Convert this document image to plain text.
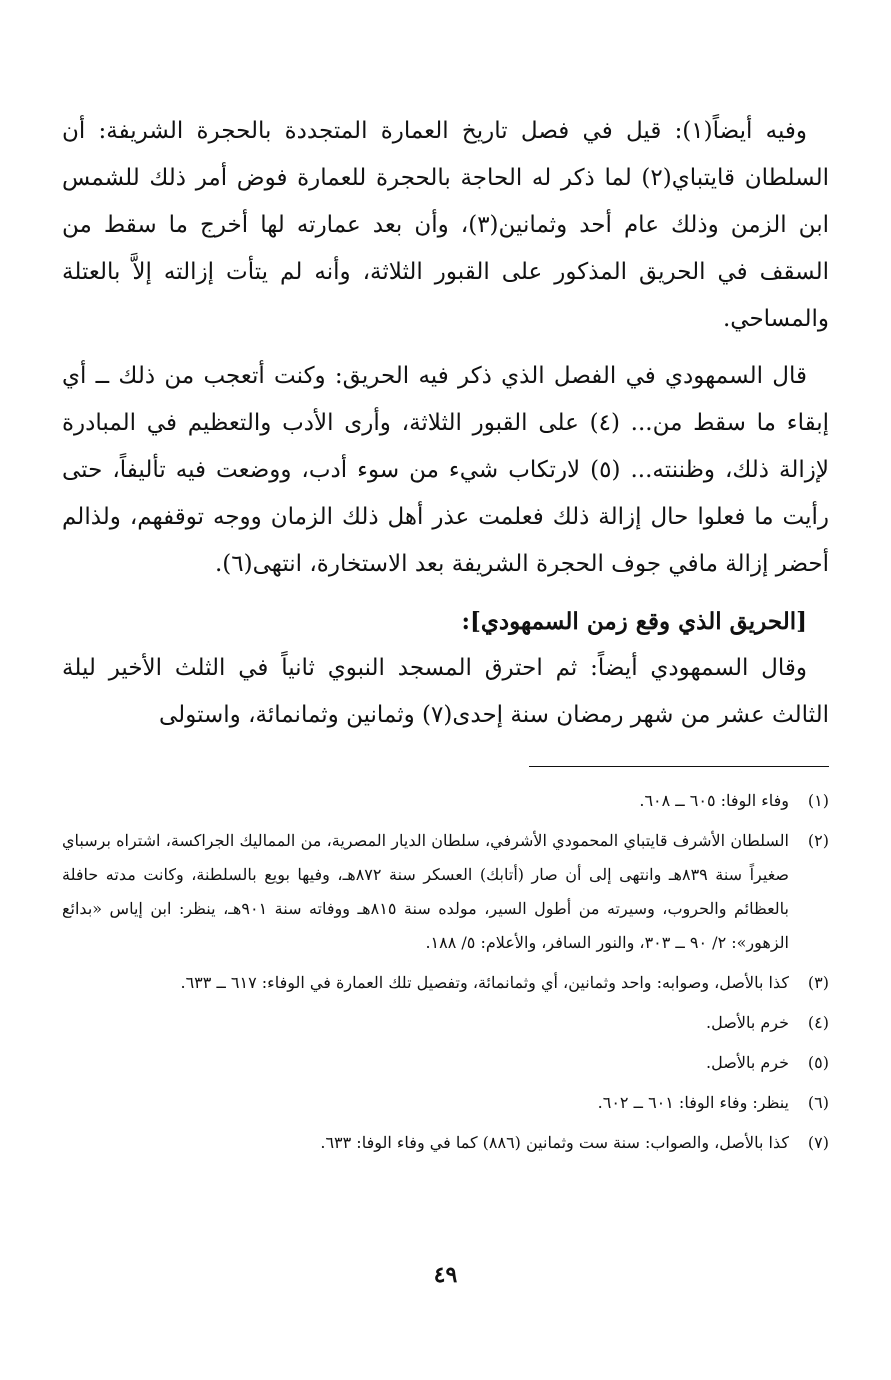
وفيه أيضاً(١): قيل في فصل تاريخ العمارة المتجددة بالحجرة الشريفة: أن السلطان قايتباي(٢) لما ذكر له الحاجة بالحجرة للعمارة فوض أمر ذلك للشمس ابن الزمن وذلك عام أحد وثمانين(٣)، وأن بعد عمارته لها أخرج ما سقط من السقف في الحريق المذكور على القبور الثلاثة، وأنه لم يتأت إزالته إلاَّ بالعتلة والمساحي.

قال السمهودي في الفصل الذي ذكر فيه الحريق: وكنت أتعجب من ذلك ــ أي إبقاء ما سقط من... (٤) على القبور الثلاثة، وأرى الأدب والتعظيم في المبادرة لإزالة ذلك، وظننته... (٥) لارتكاب شيء من سوء أدب، ووضعت فيه تأليفاً، حتى رأيت ما فعلوا حال إزالة ذلك فعلمت عذر أهل ذلك الزمان ووجه توقفهم، ولذالم أحضر إزالة مافي جوف الحجرة الشريفة بعد الاستخارة، انتهى(٦).

[الحريق الذي وقع زمن السمهودي]:

وقال السمهودي أيضاً: ثم احترق المسجد النبوي ثانياً في الثلث الأخير ليلة الثالث عشر من شهر رمضان سنة إحدى(٧) وثمانين وثمانمائة، واستولى

(١)
وفاء الوفا: ٦٠٥ ــ ٦٠٨.
(٢)
السلطان الأشرف قايتباي المحمودي الأشرفي، سلطان الديار المصرية، من المماليك الجراكسة، اشتراه برسباي صغيراً سنة ٨٣٩هـ وانتهى إلى أن صار (أتابك) العسكر سنة ٨٧٢هـ، وفيها بويع بالسلطنة، وكانت مدته حافلة بالعظائم والحروب، وسيرته من أطول السير، مولده سنة ٨١٥هـ ووفاته سنة ٩٠١هـ، ينظر: ابن إياس «بدائع الزهور»: ٢/ ٩٠ ــ ٣٠٣، والنور السافر، والأعلام: ٥/ ١٨٨.
(٣)
كذا بالأصل، وصوابه: واحد وثمانين، أي وثمانمائة، وتفصيل تلك العمارة في الوفاء: ٦١٧ ــ ٦٣٣.
(٤)
خرم بالأصل.
(٥)
خرم بالأصل.
(٦)
ينظر: وفاء الوفا: ٦٠١ ــ ٦٠٢.
(٧)
كذا بالأصل، والصواب: سنة ست وثمانين (٨٨٦) كما في وفاء الوفا: ٦٣٣.
٤٩
